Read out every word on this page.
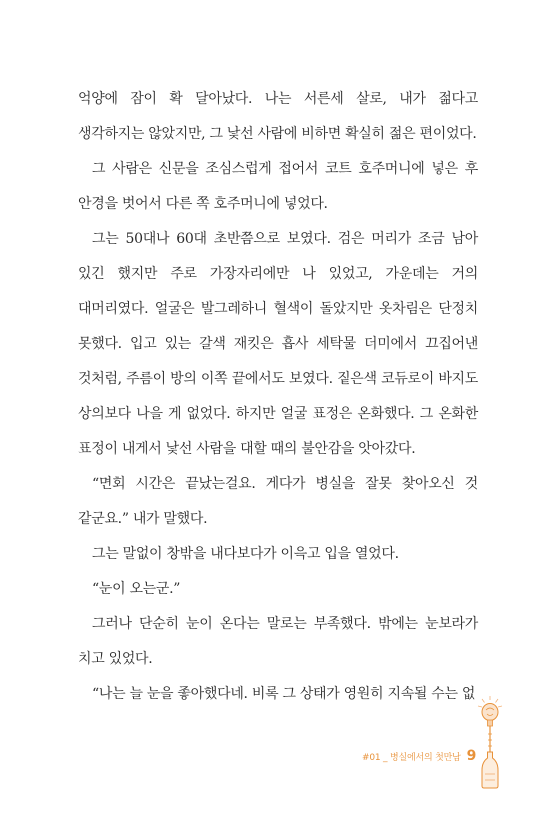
억양에 잠이 확 달아났다. 나는 서른세 살로, 내가 젊다고 생각하지는 않았지만, 그 낯선 사람에 비하면 확실히 젊은 편이었다.

그 사람은 신문을 조심스럽게 접어서 코트 호주머니에 넣은 후 안경을 벗어서 다른 쪽 호주머니에 넣었다.

그는 50대나 60대 초반쯤으로 보였다. 검은 머리가 조금 남아 있긴 했지만 주로 가장자리에만 나 있었고, 가운데는 거의 대머리였다. 얼굴은 발그레하니 혈색이 돌았지만 옷차림은 단정치 못했다. 입고 있는 갈색 재킷은 흡사 세탁물 더미에서 끄집어낸 것처럼, 주름이 방의 이쪽 끝에서도 보였다. 짙은색 코듀로이 바지도 상의보다 나을 게 없었다. 하지만 얼굴 표정은 온화했다. 그 온화한 표정이 내게서 낯선 사람을 대할 때의 불안감을 앗아갔다.

“면회 시간은 끝났는걸요. 게다가 병실을 잘못 찾아오신 것 같군요.” 내가 말했다.

그는 말없이 창밖을 내다보다가 이윽고 입을 열었다.

“눈이 오는군.”

그러나 단순히 눈이 온다는 말로는 부족했다. 밖에는 눈보라가 치고 있었다.

“나는 늘 눈을 좋아했다네. 비록 그 상태가 영원히 지속될 수는 없

#01 _ 병실에서의 첫만남 9
